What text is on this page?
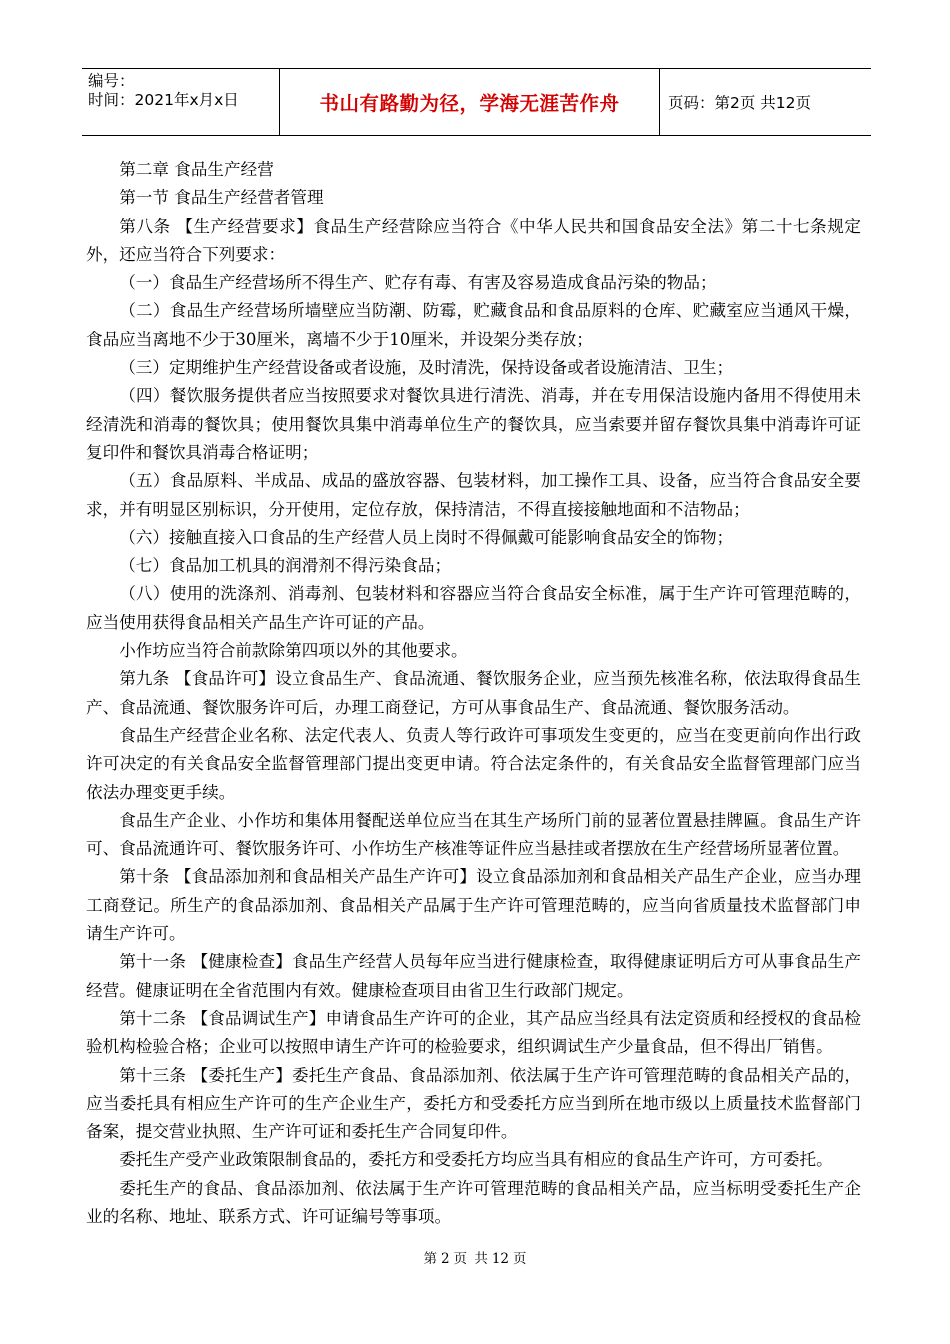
编号：
时间：2021年x月x日	书山有路勤为径，学海无涯苦作舟	页码：第2页 共12页

第二章 食品生产经营

第一节 食品生产经营者管理

第八条 【生产经营要求】食品生产经营除应当符合《中华人民共和国食品安全法》第二十七条规定外，还应当符合下列要求：

（一）食品生产经营场所不得生产、贮存有毒、有害及容易造成食品污染的物品；

（二）食品生产经营场所墙壁应当防潮、防霉，贮藏食品和食品原料的仓库、贮藏室应当通风干燥，食品应当离地不少于30厘米，离墙不少于10厘米，并设架分类存放；

（三）定期维护生产经营设备或者设施，及时清洗，保持设备或者设施清洁、卫生；

（四）餐饮服务提供者应当按照要求对餐饮具进行清洗、消毒，并在专用保洁设施内备用不得使用未经清洗和消毒的餐饮具；使用餐饮具集中消毒单位生产的餐饮具，应当索要并留存餐饮具集中消毒许可证复印件和餐饮具消毒合格证明；

（五）食品原料、半成品、成品的盛放容器、包装材料，加工操作工具、设备，应当符合食品安全要求，并有明显区别标识，分开使用，定位存放，保持清洁，不得直接接触地面和不洁物品；

（六）接触直接入口食品的生产经营人员上岗时不得佩戴可能影响食品安全的饰物；

（七）食品加工机具的润滑剂不得污染食品；

（八）使用的洗涤剂、消毒剂、包装材料和容器应当符合食品安全标准，属于生产许可管理范畴的，应当使用获得食品相关产品生产许可证的产品。

小作坊应当符合前款除第四项以外的其他要求。

第九条 【食品许可】设立食品生产、食品流通、餐饮服务企业，应当预先核准名称，依法取得食品生产、食品流通、餐饮服务许可后，办理工商登记，方可从事食品生产、食品流通、餐饮服务活动。

食品生产经营企业名称、法定代表人、负责人等行政许可事项发生变更的，应当在变更前向作出行政许可决定的有关食品安全监督管理部门提出变更申请。符合法定条件的，有关食品安全监督管理部门应当依法办理变更手续。

食品生产企业、小作坊和集体用餐配送单位应当在其生产场所门前的显著位置悬挂牌匾。食品生产许可、食品流通许可、餐饮服务许可、小作坊生产核准等证件应当悬挂或者摆放在生产经营场所显著位置。

第十条 【食品添加剂和食品相关产品生产许可】设立食品添加剂和食品相关产品生产企业，应当办理工商登记。所生产的食品添加剂、食品相关产品属于生产许可管理范畴的，应当向省质量技术监督部门申请生产许可。

第十一条 【健康检查】食品生产经营人员每年应当进行健康检查，取得健康证明后方可从事食品生产经营。健康证明在全省范围内有效。健康检查项目由省卫生行政部门规定。

第十二条 【食品调试生产】申请食品生产许可的企业，其产品应当经具有法定资质和经授权的食品检验机构检验合格；企业可以按照申请生产许可的检验要求，组织调试生产少量食品，但不得出厂销售。

第十三条 【委托生产】委托生产食品、食品添加剂、依法属于生产许可管理范畴的食品相关产品的，应当委托具有相应生产许可的生产企业生产，委托方和受委托方应当到所在地市级以上质量技术监督部门备案，提交营业执照、生产许可证和委托生产合同复印件。

委托生产受产业政策限制食品的，委托方和受委托方均应当具有相应的食品生产许可，方可委托。

委托生产的食品、食品添加剂、依法属于生产许可管理范畴的食品相关产品，应当标明受委托生产企业的名称、地址、联系方式、许可证编号等事项。

第 2 页 共 12 页
